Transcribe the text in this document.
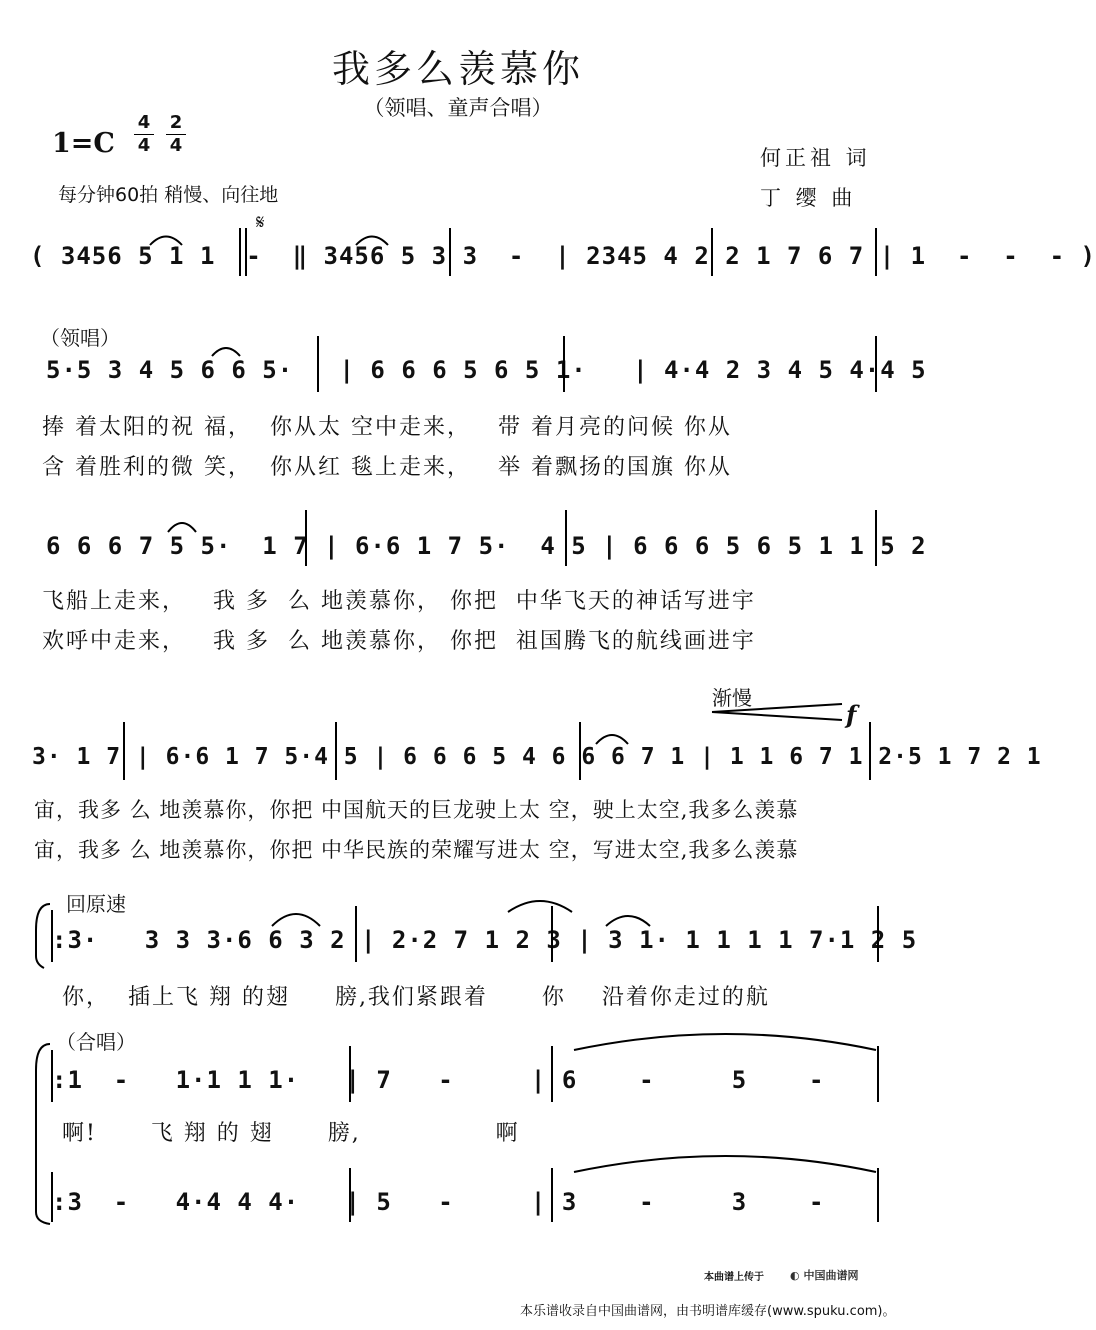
我多么羡慕你
（领唱、童声合唱）
$1=C \frac{4}{4} \frac{2}{4}$
每分钟60拍 稍慢、向往地
何正祖 词
丁 缨 曲
𝄋
( 3456 5 1 1  -  ‖ 3456 5 3 3  -  | 2345 4 2 2 1 7 6 7 | 1  -  -  - )
（领唱）
5·5 3 4 5 6 6 5·   | 6 6 6 5 6 5 1·   | 4·4 2 3 4 5 4·4 5
捧 着太阳的祝 福，  你从太 空中走来，   带 着月亮的问候 你从
含 着胜利的微 笑，  你从红 毯上走来，   举 着飘扬的国旗 你从
6 6 6 7 5 5·  1 7 | 6·6 1 7 5·  4 5 | 6 6 6 5 6 5 1 1 5 2
飞船上走来，   我 多  么 地羡慕你， 你把  中华飞天的神话写进宇
欢呼中走来，   我 多  么 地羡慕你， 你把  祖国腾飞的航线画进宇
渐慢
f
3· 1 7 | 6·6 1 7 5·4 5 | 6 6 6 5 4 6 6 6 7 1 | 1 1 6 7 1 2·5 1 7 2 1
宙，我多 么 地羡慕你，你把 中国航天的巨龙驶上太 空，驶上太空,我多么羡慕
宙，我多 么 地羡慕你，你把 中华民族的荣耀写进太 空，写进太空,我多么羡慕
回原速
:3·   3 3 3·6 6 3 2 | 2·2 7 1 2 3 | 3 1· 1 1 1 1 7·1 2 5
你，  插上飞 翔 的翅     膀,我们紧跟着      你    沿着你走过的航
（合唱）
:1  -   1·1 1 1·   | 7   -     | 6    -     5    -
啊!      飞 翔 的 翅      膀,               啊
:3  -   4·4 4 4·   | 5   -     | 3    -     3    -
本曲谱上传于 ◐ 中国曲谱网
本乐谱收录自中国曲谱网，由书明谱库缓存(www.spuku.com)。
